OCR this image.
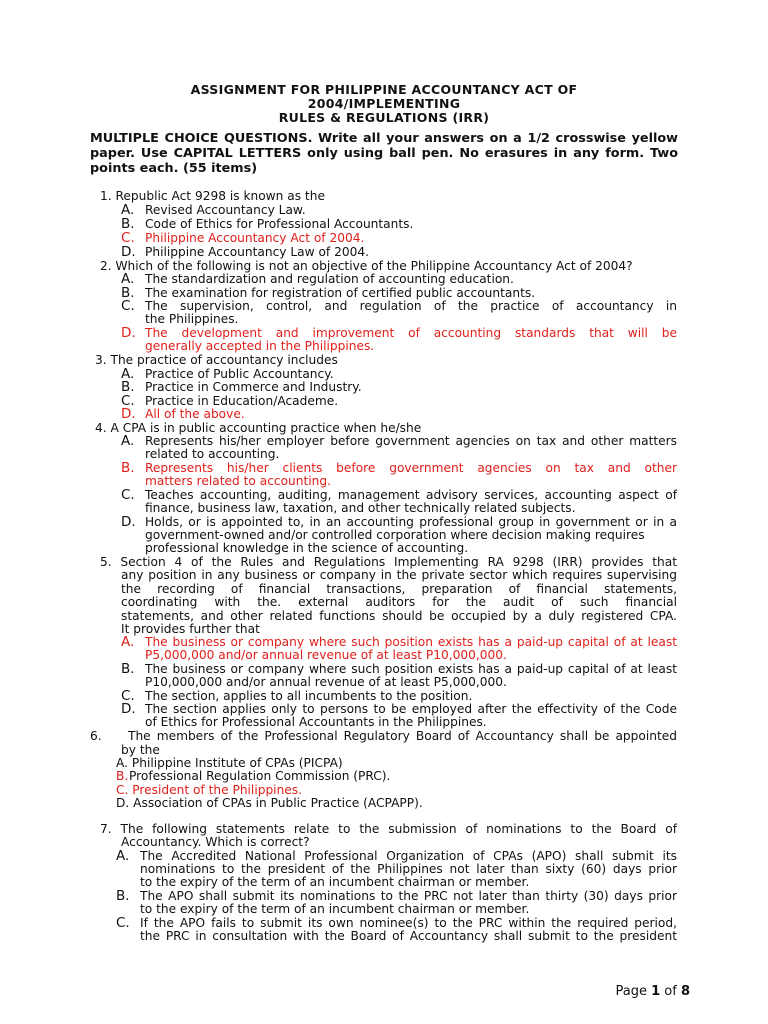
ASSIGNMENT FOR PHILIPPINE ACCOUNTANCY ACT OF
2004/IMPLEMENTING
RULES & REGULATIONS (IRR)
MULTIPLE CHOICE QUESTIONS. Write all your answers on a 1/2 crosswise yellow paper. Use CAPITAL LETTERS only using ball pen. No erasures in any form. Two points each. (55 items)
1. Republic Act 9298 is known as the
A. Revised Accountancy Law.
B. Code of Ethics for Professional Accountants.
C. Philippine Accountancy Act of 2004.
D. Philippine Accountancy Law of 2004.
2. Which of the following is not an objective of the Philippine Accountancy Act of 2004?
A. The standardization and regulation of accounting education.
B. The examination for registration of certified public accountants.
C. The supervision, control, and regulation of the practice of accountancy in
the Philippines.
D. The development and improvement of accounting standards that will be
generally accepted in the Philippines.
3. The practice of accountancy includes
A. Practice of Public Accountancy.
B. Practice in Commerce and Industry.
C. Practice in Education/Academe.
D. All of the above.
4. A CPA is in public accounting practice when he/she
A. Represents his/her employer before government agencies on tax and other matters
related to accounting.
B. Represents his/her clients before government agencies on tax and other
matters related to accounting.
C. Teaches accounting, auditing, management advisory services, accounting aspect of
finance, business law, taxation, and other technically related subjects.
D. Holds, or is appointed to, in an accounting professional group in government or in a
government-owned and/or controlled corporation where decision making requires
professional knowledge in the science of accounting.
5. Section 4 of the Rules and Regulations Implementing RA 9298 (IRR) provides that
any position in any business or company in the private sector which requires supervising
the recording of financial transactions, preparation of financial statements,
coordinating with the. external auditors for the audit of such financial
statements, and other related functions should be occupied by a duly registered CPA.
It provides further that
A. The business or company where such position exists has a paid-up capital of at least
P5,000,000 and/or annual revenue of at least P10,000,000.
B. The business or company where such position exists has a paid-up capital of at least
P10,000,000 and/or annual revenue of at least P5,000,000.
C. The section, applies to all incumbents to the position.
D. The section applies only to persons to be employed after the effectivity of the Code
of Ethics for Professional Accountants in the Philippines.
6. The members of the Professional Regulatory Board of Accountancy shall be appointed
by the
A. Philippine Institute of CPAs (PICPA)
B. Professional Regulation Commission (PRC).
C. President of the Philippines.
D. Association of CPAs in Public Practice (ACPAPP).
7. The following statements relate to the submission of nominations to the Board of
Accountancy. Which is correct?
A. The Accredited National Professional Organization of CPAs (APO) shall submit its
nominations to the president of the Philippines not later than sixty (60) days prior
to the expiry of the term of an incumbent chairman or member.
B. The APO shall submit its nominations to the PRC not later than thirty (30) days prior
to the expiry of the term of an incumbent chairman or member.
C. If the APO fails to submit its own nominee(s) to the PRC within the required period,
the PRC in consultation with the Board of Accountancy shall submit to the president
Page 1 of 8
